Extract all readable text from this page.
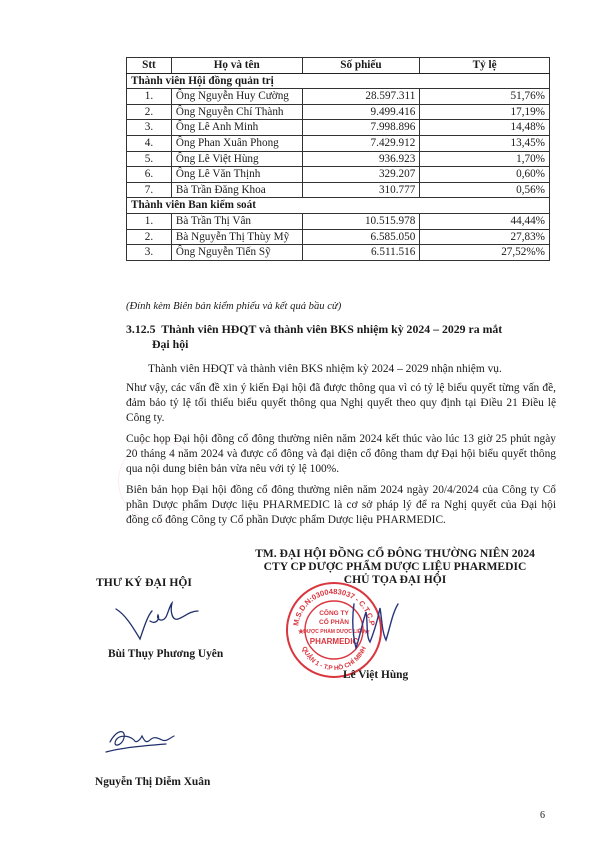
Stt	Họ và tên	Số phiếu	Tỷ lệ
Thành viên Hội đồng quản trị			
1.	Ông Nguyễn Huy Cường	28.597.311	51,76%
2.	Ông Nguyễn Chí Thành	9.499.416	17,19%
3.	Ông Lê Anh Minh	7.998.896	14,48%
4.	Ông Phan Xuân Phong	7.429.912	13,45%
5.	Ông Lê Việt Hùng	936.923	1,70%
6.	Ông Lê Văn Thịnh	329.207	0,60%
7.	Bà Trần Đăng Khoa	310.777	0,56%
Thành viên Ban kiểm soát			
1.	Bà Trần Thị Vân	10.515.978	44,44%
2.	Bà Nguyễn Thị Thùy Mỹ	6.585.050	27,83%
3.	Ông Nguyễn Tiến Sỹ	6.511.516	27,52%%
(Đính kèm Biên bản kiểm phiếu và kết quả bầu cử)
3.12.5 Thành viên HĐQT và thành viên BKS nhiệm kỳ 2024 – 2029 ra mắt
Đại hội
Thành viên HĐQT và thành viên BKS nhiệm kỳ 2024 – 2029 nhận nhiệm vụ.
Như vậy, các vấn đề xin ý kiến Đại hội đã được thông qua vì có tỷ lệ biểu quyết từng vấn đề, đảm bảo tỷ lệ tối thiểu biểu quyết thông qua Nghị quyết theo quy định tại Điều 21 Điều lệ Công ty.
Cuộc họp Đại hội đồng cổ đông thường niên năm 2024 kết thúc vào lúc 13 giờ 25 phút ngày 20 tháng 4 năm 2024 và được cổ đông và đại diện cổ đông tham dự Đại hội biểu quyết thông qua nội dung biên bản vừa nêu với tỷ lệ 100%.
Biên bản họp Đại hội đồng cổ đông thường niên năm 2024 ngày 20/4/2024 của Công ty Cổ phần Dược phẩm Dược liệu PHARMEDIC là cơ sở pháp lý để ra Nghị quyết của Đại hội đồng cổ đông Công ty Cổ phần Dược phẩm Dược liệu PHARMEDIC.
TM. ĐẠI HỘI ĐỒNG CỔ ĐÔNG THƯỜNG NIÊN 2024
CTY CP DƯỢC PHẨM DƯỢC LIỆU PHARMEDIC
CHỦ TỌA ĐẠI HỘI
THƯ KÝ ĐẠI HỘI
Bùi Thụy Phương Uyên
Nguyễn Thị Diễm Xuân
M.S.D.N:0300483037 - C.T.C.P
QUẬN 1 - T.P HỒ CHÍ MINH
CÔNG TY
CỔ PHẦN
DƯỢC PHẨM DƯỢC LIỆU
PHARMEDIC
★	★
Lê Việt Hùng
6
